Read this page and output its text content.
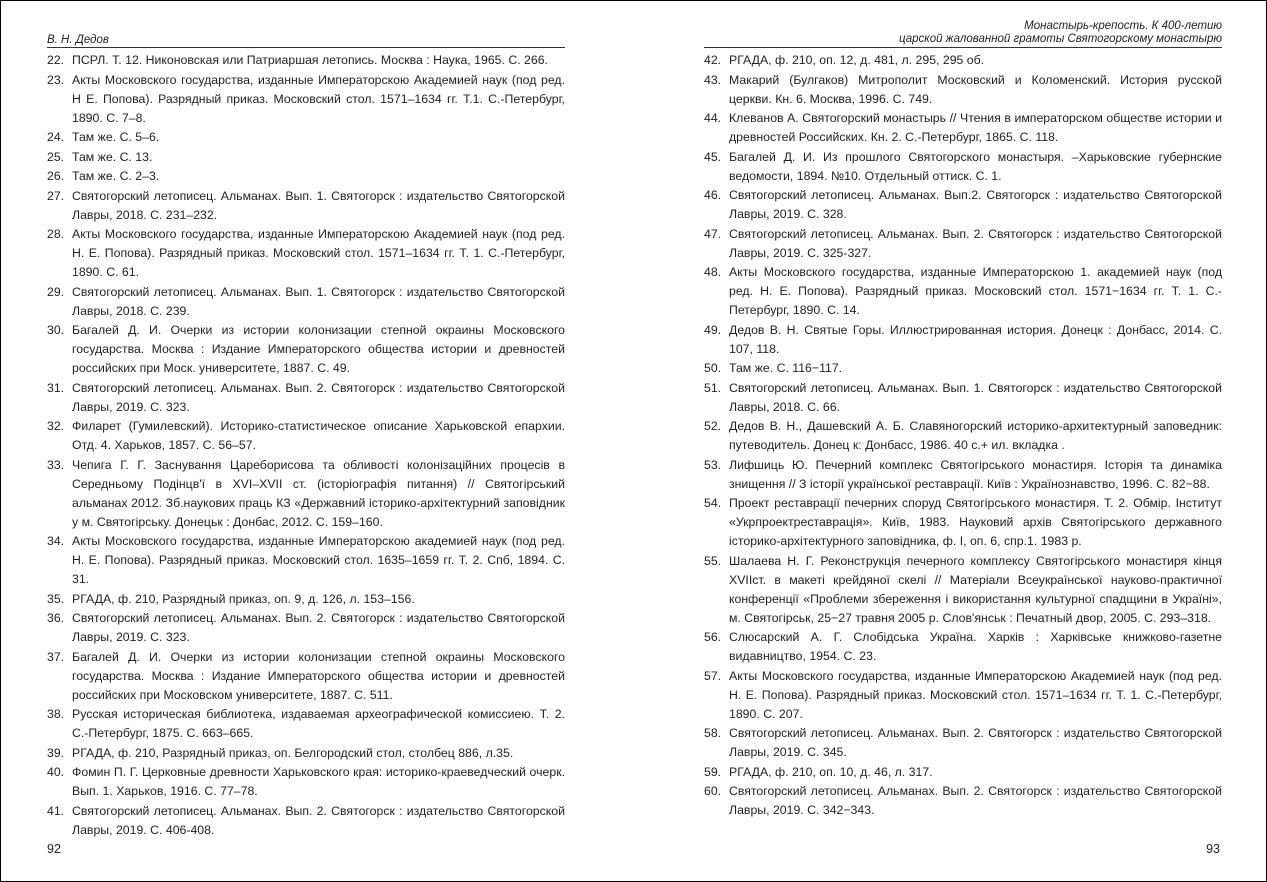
В. Н. Дедов
22. ПСРЛ. Т. 12. Никоновская или Патриаршая летопись. Москва : Наука, 1965. С. 266.
23. Акты Московского государства, изданные Императорскою Академией наук (под ред. Н Е. Попова). Разрядный приказ. Московский стол. 1571–1634 гг. Т.1. С.-Петербург, 1890. С. 7–8.
24. Там же. С. 5–6.
25. Там же. С. 13.
26. Там же. С. 2–3.
27. Святогорский летописец. Альманах. Вып. 1. Святогорск : издательство Святогорской Лавры, 2018. С. 231–232.
28. Акты Московского государства, изданные Императорскою Академией наук (под ред. Н. Е. Попова). Разрядный приказ. Московский стол. 1571–1634 гг. Т. 1. С.-Петербург, 1890. С. 61.
29. Святогорский летописец. Альманах. Вып. 1. Святогорск : издательство Святогорской Лавры, 2018. С. 239.
30. Багалей Д. И. Очерки из истории колонизации степной окраины Московского государства. Москва : Издание Императорского общества истории и древностей российских при Моск. университете, 1887. С. 49.
31. Святогорский летописец. Альманах. Вып. 2. Святогорск : издательство Святогорской Лавры, 2019. С. 323.
32. Филарет (Гумилевский). Историко-статистическое описание Харьковской епархии. Отд. 4. Харьков, 1857. С. 56–57.
33. Чепига Г. Г. Заснування Цареборисова та обливості колонізаційних процесів в Середньому Подінцв'ї в XVI–XVII ст. (історіографія питання) // Святогірський альманах 2012. Зб.наукових праць КЗ «Державний історико-архітектурний заповідник у м. Святогірську. Донецьк : Донбас, 2012. С. 159–160.
34. Акты Московского государства, изданные Императорскою академией наук (под ред. Н. Е. Попова). Разрядный приказ. Московский стол. 1635–1659 гг. Т. 2. Спб, 1894. С. 31.
35. РГАДА, ф. 210, Разрядный приказ, оп. 9, д. 126, л. 153–156.
36. Святогорский летописец. Альманах. Вып. 2. Святогорск : издательство Святогорской Лавры, 2019. С. 323.
37. Багалей Д. И. Очерки из истории колонизации степной окраины Московского государства. Москва : Издание Императорского общества истории и древностей российских при Московском университете, 1887. С. 511.
38. Русская историческая библиотека, издаваемая археографической комиссиею. Т. 2. С.-Петербург, 1875. С. 663–665.
39. РГАДА, ф. 210, Разрядный приказ, оп. Белгородский стол, столбец 886, л.35.
40. Фомин П. Г. Церковные древности Харьковского края: историко-краеведческий очерк. Вып. 1. Харьков, 1916. С. 77–78.
41. Святогорский летописец. Альманах. Вып. 2. Святогорск : издательство Святогорской Лавры, 2019. С. 406-408.
92
Монастырь-крепость. К 400-летию
царской жалованной грамоты Святогорскому монастырю
42. РГАДА, ф. 210, оп. 12, д. 481, л. 295, 295 об.
43. Макарий (Булгаков) Митрополит Московский и Коломенский. История русской церкви. Кн. 6. Москва, 1996. С. 749.
44. Клеванов А. Святогорский монастырь // Чтения в императорском обществе истории и древностей Российских. Кн. 2. С.-Петербург, 1865. С. 118.
45. Багалей Д. И. Из прошлого Святогорского монастыря. –Харьковские губернские ведомости, 1894. №10. Отдельный оттиск. С. 1.
46. Святогорский летописец. Альманах. Вып.2. Святогорск : издательство Святогорской Лавры, 2019. С. 328.
47. Святогорский летописец. Альманах. Вып. 2. Святогорск : издательство Святогорской Лавры, 2019. С. 325-327.
48. Акты Московского государства, изданные Императорскою 1. академией наук (под ред. Н. Е. Попова). Разрядный приказ. Московский стол. 1571−1634 гг. Т. 1. С.-Петербург, 1890. С. 14.
49. Дедов В. Н. Святые Горы. Иллюстрированная история. Донецк : Донбасс, 2014. С. 107, 118.
50. Там же. С. 116−117.
51. Святогорский летописец. Альманах. Вып. 1. Святогорск : издательство Святогорской Лавры, 2018. С. 66.
52. Дедов В. Н., Дашевский А. Б. Славяногорский историко-архитектурный заповедник: путеводитель. Донец к: Донбасс, 1986. 40 с.+ ил. вкладка .
53. Лифшиць Ю. Печерний комплекс Святогірського монастиря. Історія та динаміка знищення // З історії української реставрації. Київ : Українознавство, 1996. С. 82−88.
54. Проект реставрації печерних споруд Святогірського монастиря. Т. 2. Обмір. Інститут «Укрпроектреставрація». Київ, 1983. Науковий архів Святогірського державного історико-архітектурного заповідника, ф. І, оп. 6, спр.1. 1983 р.
55. Шалаева Н. Г. Реконструкція печерного комплексу Святогірського монастиря кінця XVIIст. в макеті крейдяної скелі // Матеріали Всеукраїнської науково-практичної конференції «Проблеми збереження і використання культурної спадщини в Україні», м. Святогірськ, 25−27 травня 2005 р. Слов'янськ : Печатный двор, 2005. С. 293–318.
56. Слюсарский А. Г. Слобідська Україна. Харків : Харківське книжково-газетне видавництво, 1954. С. 23.
57. Акты Московского государства, изданные Императорскою Академией наук (под ред. Н. Е. Попова). Разрядный приказ. Московский стол. 1571–1634 гг. Т. 1. С.-Петербург, 1890. С. 207.
58. Святогорский летописец. Альманах. Вып. 2. Святогорск : издательство Святогорской Лавры, 2019. С. 345.
59. РГАДА, ф. 210, оп. 10, д. 46, л. 317.
60. Святогорский летописец. Альманах. Вып. 2. Святогорск : издательство Святогорской Лавры, 2019. С. 342−343.
93
